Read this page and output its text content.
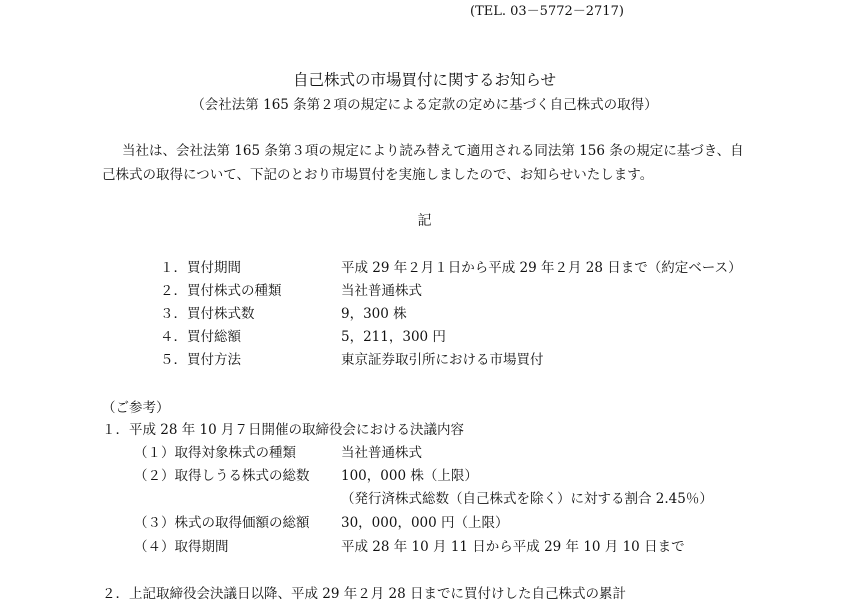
(TEL. 03－5772－2717)
自己株式の市場買付に関するお知らせ
（会社法第 165 条第２項の規定による定款の定めに基づく自己株式の取得）
当社は、会社法第 165 条第３項の規定により読み替えて適用される同法第 156 条の規定に基づき、自
己株式の取得について、下記のとおり市場買付を実施しましたので、お知らせいたします。
記
１．買付期間	平成 29 年２月１日から平成 29 年２月 28 日まで（約定ベース）
２．買付株式の種類	当社普通株式
３．買付株式数	9，300 株
４．買付総額	5，211，300 円
５．買付方法	東京証券取引所における市場買付
（ご参考）
１．平成 28 年 10 月７日開催の取締役会における決議内容
（１）取得対象株式の種類	当社普通株式
（２）取得しうる株式の総数 100，000 株（上限）
（発行済株式総数（自己株式を除く）に対する割合 2.45％）
（３）株式の取得価額の総額 30，000，000 円（上限）
（４）取得期間	平成 28 年 10 月 11 日から平成 29 年 10 月 10 日まで
２．上記取締役会決議日以降、平成 29 年２月 28 日までに買付けした自己株式の累計
